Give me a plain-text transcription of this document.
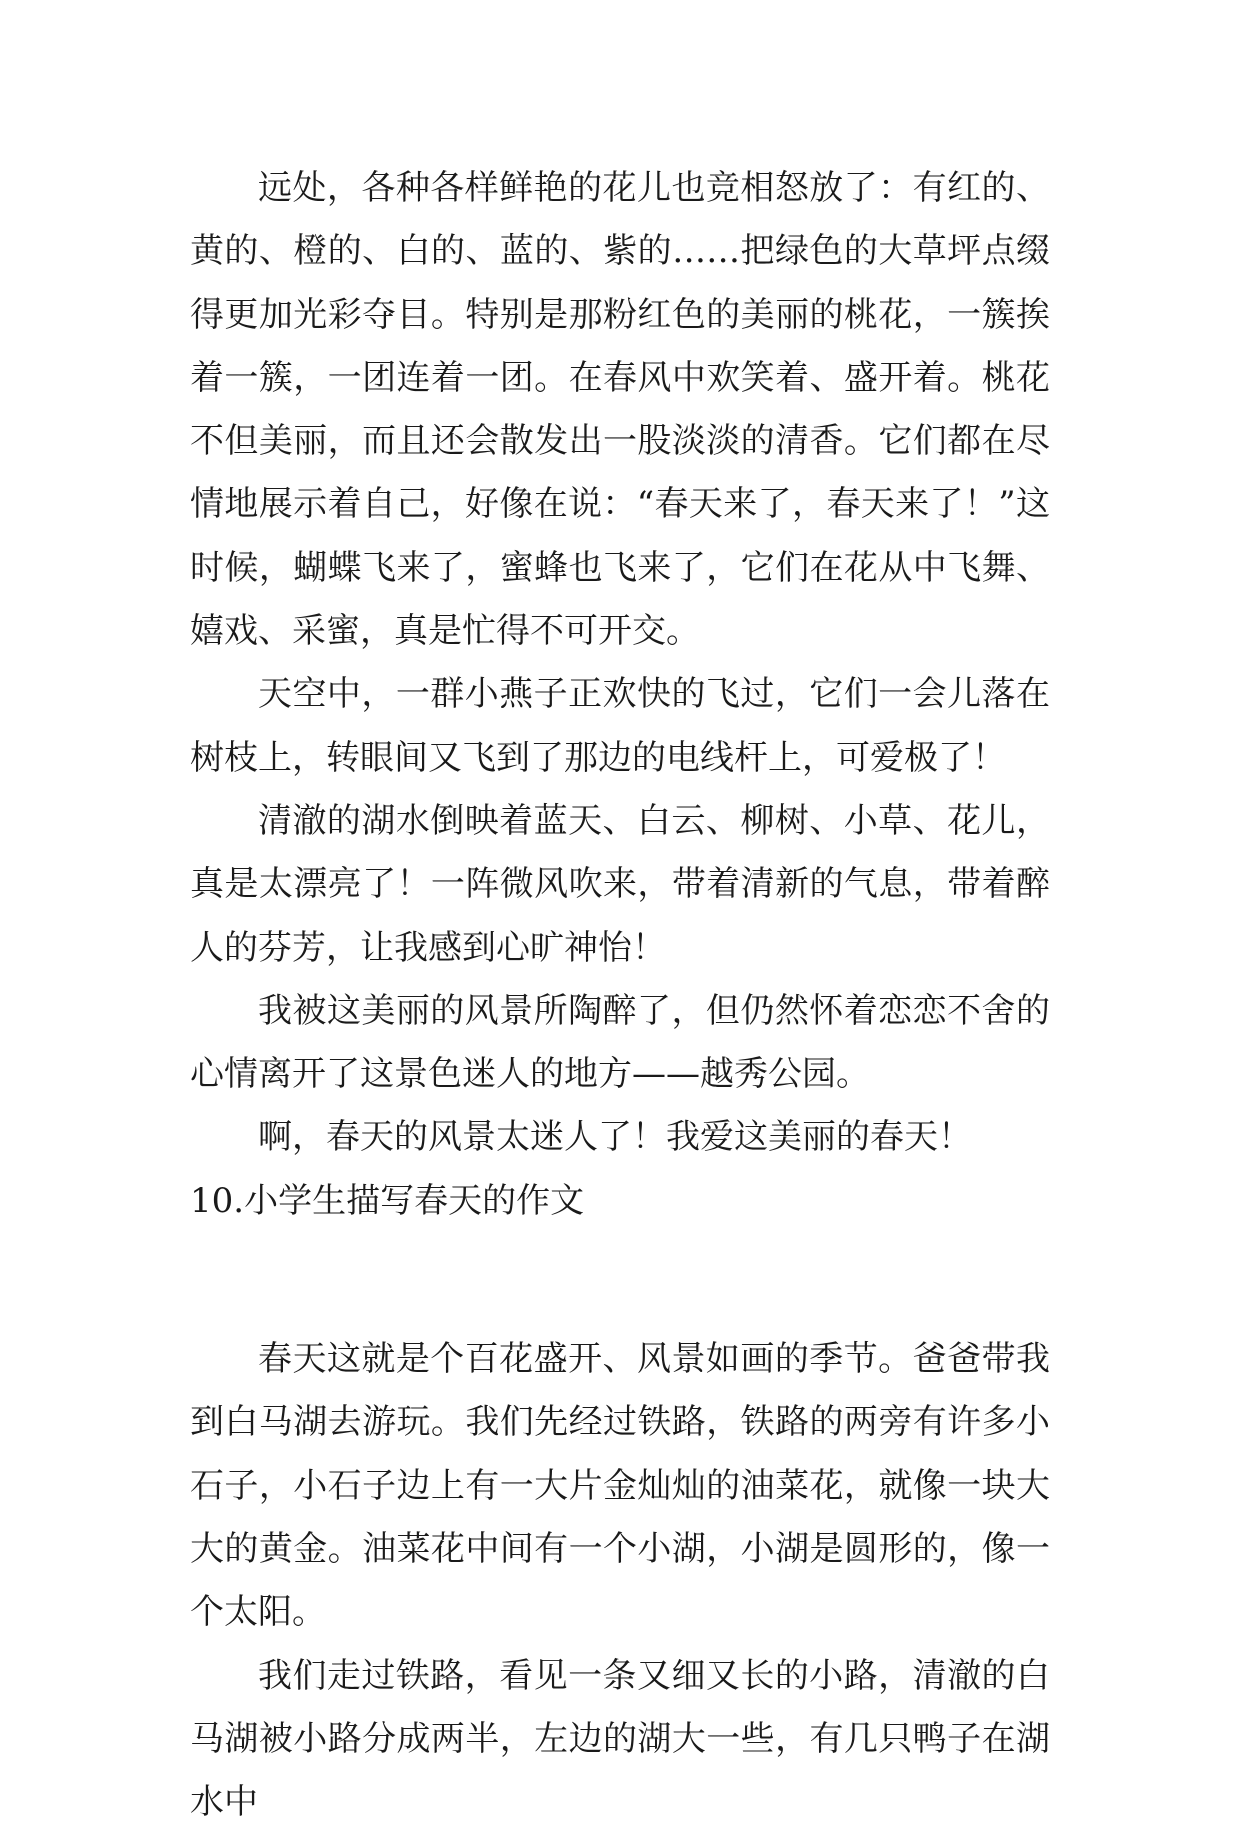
远处，各种各样鲜艳的花儿也竞相怒放了：有红的、黄的、橙的、白的、蓝的、紫的……把绿色的大草坪点缀得更加光彩夺目。特别是那粉红色的美丽的桃花，一簇挨着一簇，一团连着一团。在春风中欢笑着、盛开着。桃花不但美丽，而且还会散发出一股淡淡的清香。它们都在尽情地展示着自己，好像在说：“春天来了，春天来了！”这时候，蝴蝶飞来了，蜜蜂也飞来了，它们在花从中飞舞、嬉戏、采蜜，真是忙得不可开交。

天空中，一群小燕子正欢快的飞过，它们一会儿落在树枝上，转眼间又飞到了那边的电线杆上，可爱极了！

清澈的湖水倒映着蓝天、白云、柳树、小草、花儿，真是太漂亮了！一阵微风吹来，带着清新的气息，带着醉人的芬芳，让我感到心旷神怡！

我被这美丽的风景所陶醉了，但仍然怀着恋恋不舍的心情离开了这景色迷人的地方——越秀公园。

啊，春天的风景太迷人了！我爱这美丽的春天！

10.小学生描写春天的作文

春天这就是个百花盛开、风景如画的季节。爸爸带我到白马湖去游玩。我们先经过铁路，铁路的两旁有许多小石子，小石子边上有一大片金灿灿的油菜花，就像一块大大的黄金。油菜花中间有一个小湖，小湖是圆形的，像一个太阳。

我们走过铁路，看见一条又细又长的小路，清澈的白马湖被小路分成两半，左边的湖大一些，有几只鸭子在湖水中
